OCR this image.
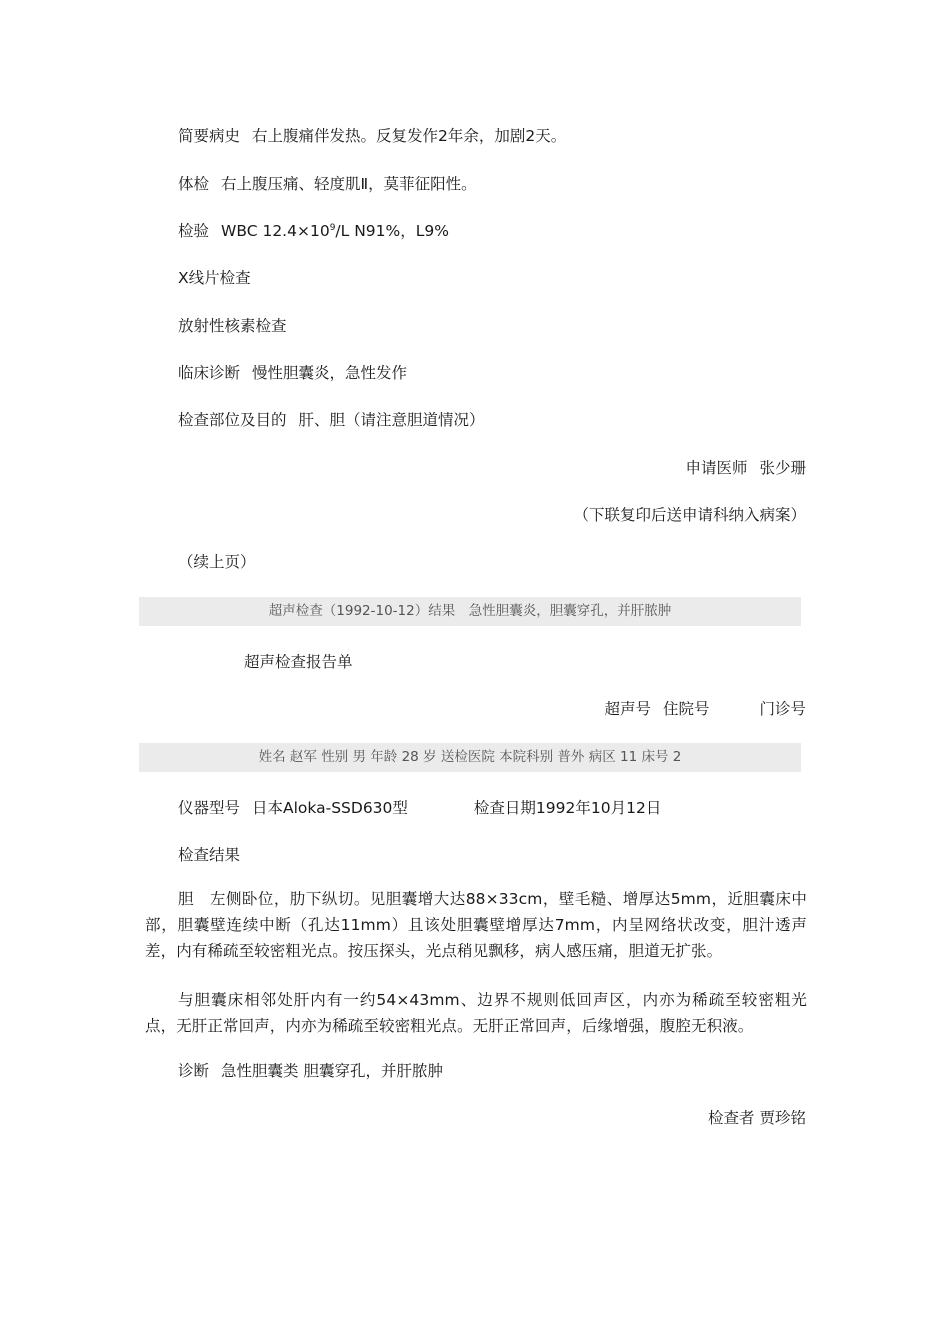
简要病史 右上腹痛伴发热。反复发作2年余，加剧2天。
体检 右上腹压痛、轻度肌Ⅱ，莫菲征阳性。
检验 WBC $12.4\times 10^9/L$ N91%，L9%
X线片检查
放射性核素检查
临床诊断 慢性胆囊炎，急性发作
检查部位及目的 肝、胆（请注意胆道情况）
申请医师 张少珊
（下联复印后送申请科纳入病案）
（续上页）
超声检查（1992-10-12）结果　急性胆囊炎，胆囊穿孔，并肝脓肿
超声检查报告单
超声号 住院号	门诊号
姓名 赵军 性别 男 年龄 28 岁 送检医院 本院科别 普外 病区 11 床号 2
仪器型号 日本Aloka-SSD630型	检查日期1992年10月12日
检查结果
胆　左侧卧位，肋下纵切。见胆囊增大达88×33cm，壁毛糙、增厚达5mm，近胆囊床中部，胆囊壁连续中断（孔达11mm）且该处胆囊壁增厚达7mm，内呈网络状改变，胆汁透声差，内有稀疏至较密粗光点。按压探头，光点稍见飘移，病人感压痛，胆道无扩张。
与胆囊床相邻处肝内有一约54×43mm、边界不规则低回声区，内亦为稀疏至较密粗光点，无肝正常回声，内亦为稀疏至较密粗光点。无肝正常回声，后缘增强，腹腔无积液。
诊断 急性胆囊类 胆囊穿孔，并肝脓肿
检查者 贾珍铭
